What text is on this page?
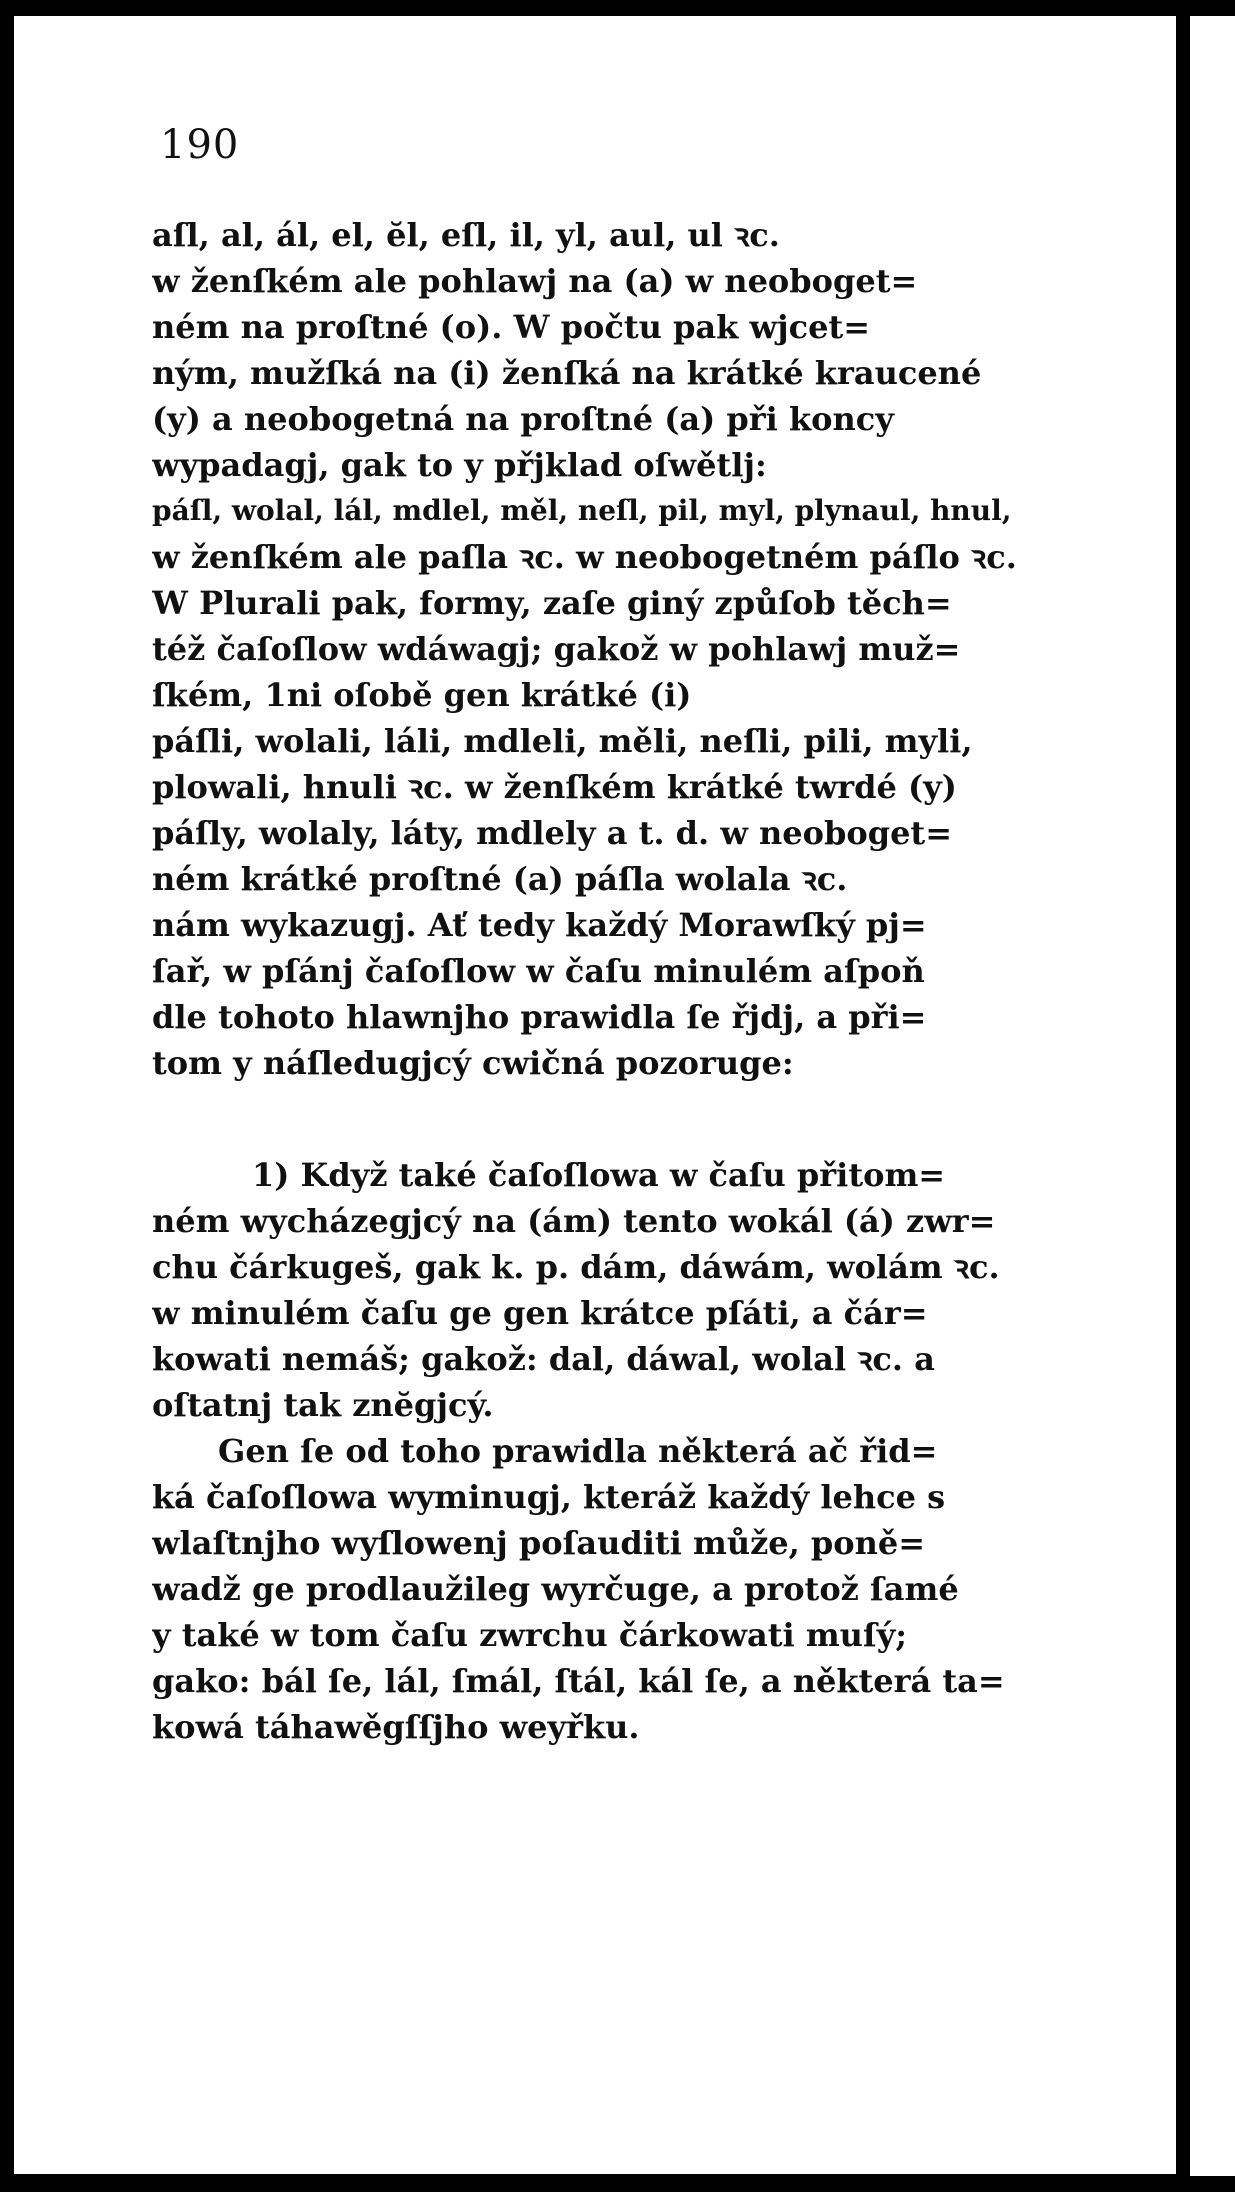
190
aſl, al, ál, el, ĕl, eſl, il, yl, aul, ul ꝛc.
w ženſkém ale pohlawj na (a) w neoboget=
ném na proſtné (o). W počtu pak wjcet=
ným, mužſká na (i) ženſká na krátké kraucené
(y) a neobogetná na proſtné (a) při koncy
wypadagj, gak to y přjklad oſwětlj:
páſl, wolal, lál, mdlel, měl, neſl, pil, myl, plynaul, hnul,
w ženſkém ale paſla ꝛc. w neobogetném páſlo ꝛc.
W Plurali pak, formy, zaſe giný způſob těch=
též čaſoſlow wdáwagj; gakož w pohlawj muž=
ſkém, 1ni oſobě gen krátké (i)
páſli, wolali, láli, mdleli, měli, neſli, pili, myli,
plowali, hnuli ꝛc. w ženſkém krátké twrdé (y)
páſly, wolaly, láty, mdlely a t. d. w neoboget=
ném krátké proſtné (a) páſla wolala ꝛc.
nám wykazugj. Ať tedy každý Morawſký pj=
ſař, w pſánj čaſoſlow w čaſu minulém aſpoň
dle tohoto hlawnjho prawidla ſe řjdj, a při=
tom y náſledugjcý cwičná pozoruge:
1) Když také čaſoſlowa w čaſu přitom=
ném wycházegjcý na (ám) tento wokál (á) zwr=
chu čárkugeš, gak k. p. dám, dáwám, wolám ꝛc.
w minulém čaſu ge gen krátce pſáti, a čár=
kowati nemáš; gakož: dal, dáwal, wolal ꝛc. a
oſtatnj tak znĕgjcý.
Gen ſe od toho prawidla některá ač řid=
ká čaſoſlowa wyminugj, kteráž každý lehce s
wlaſtnjho wyſlowenj poſauditi může, poně=
wadž ge prodlaužileg wyrčuge, a protož ſamé
y také w tom čaſu zwrchu čárkowati muſý;
gako: bál ſe, lál, ſmál, ſtál, kál ſe, a některá ta=
kowá táhawěgſſjho weyřku.
